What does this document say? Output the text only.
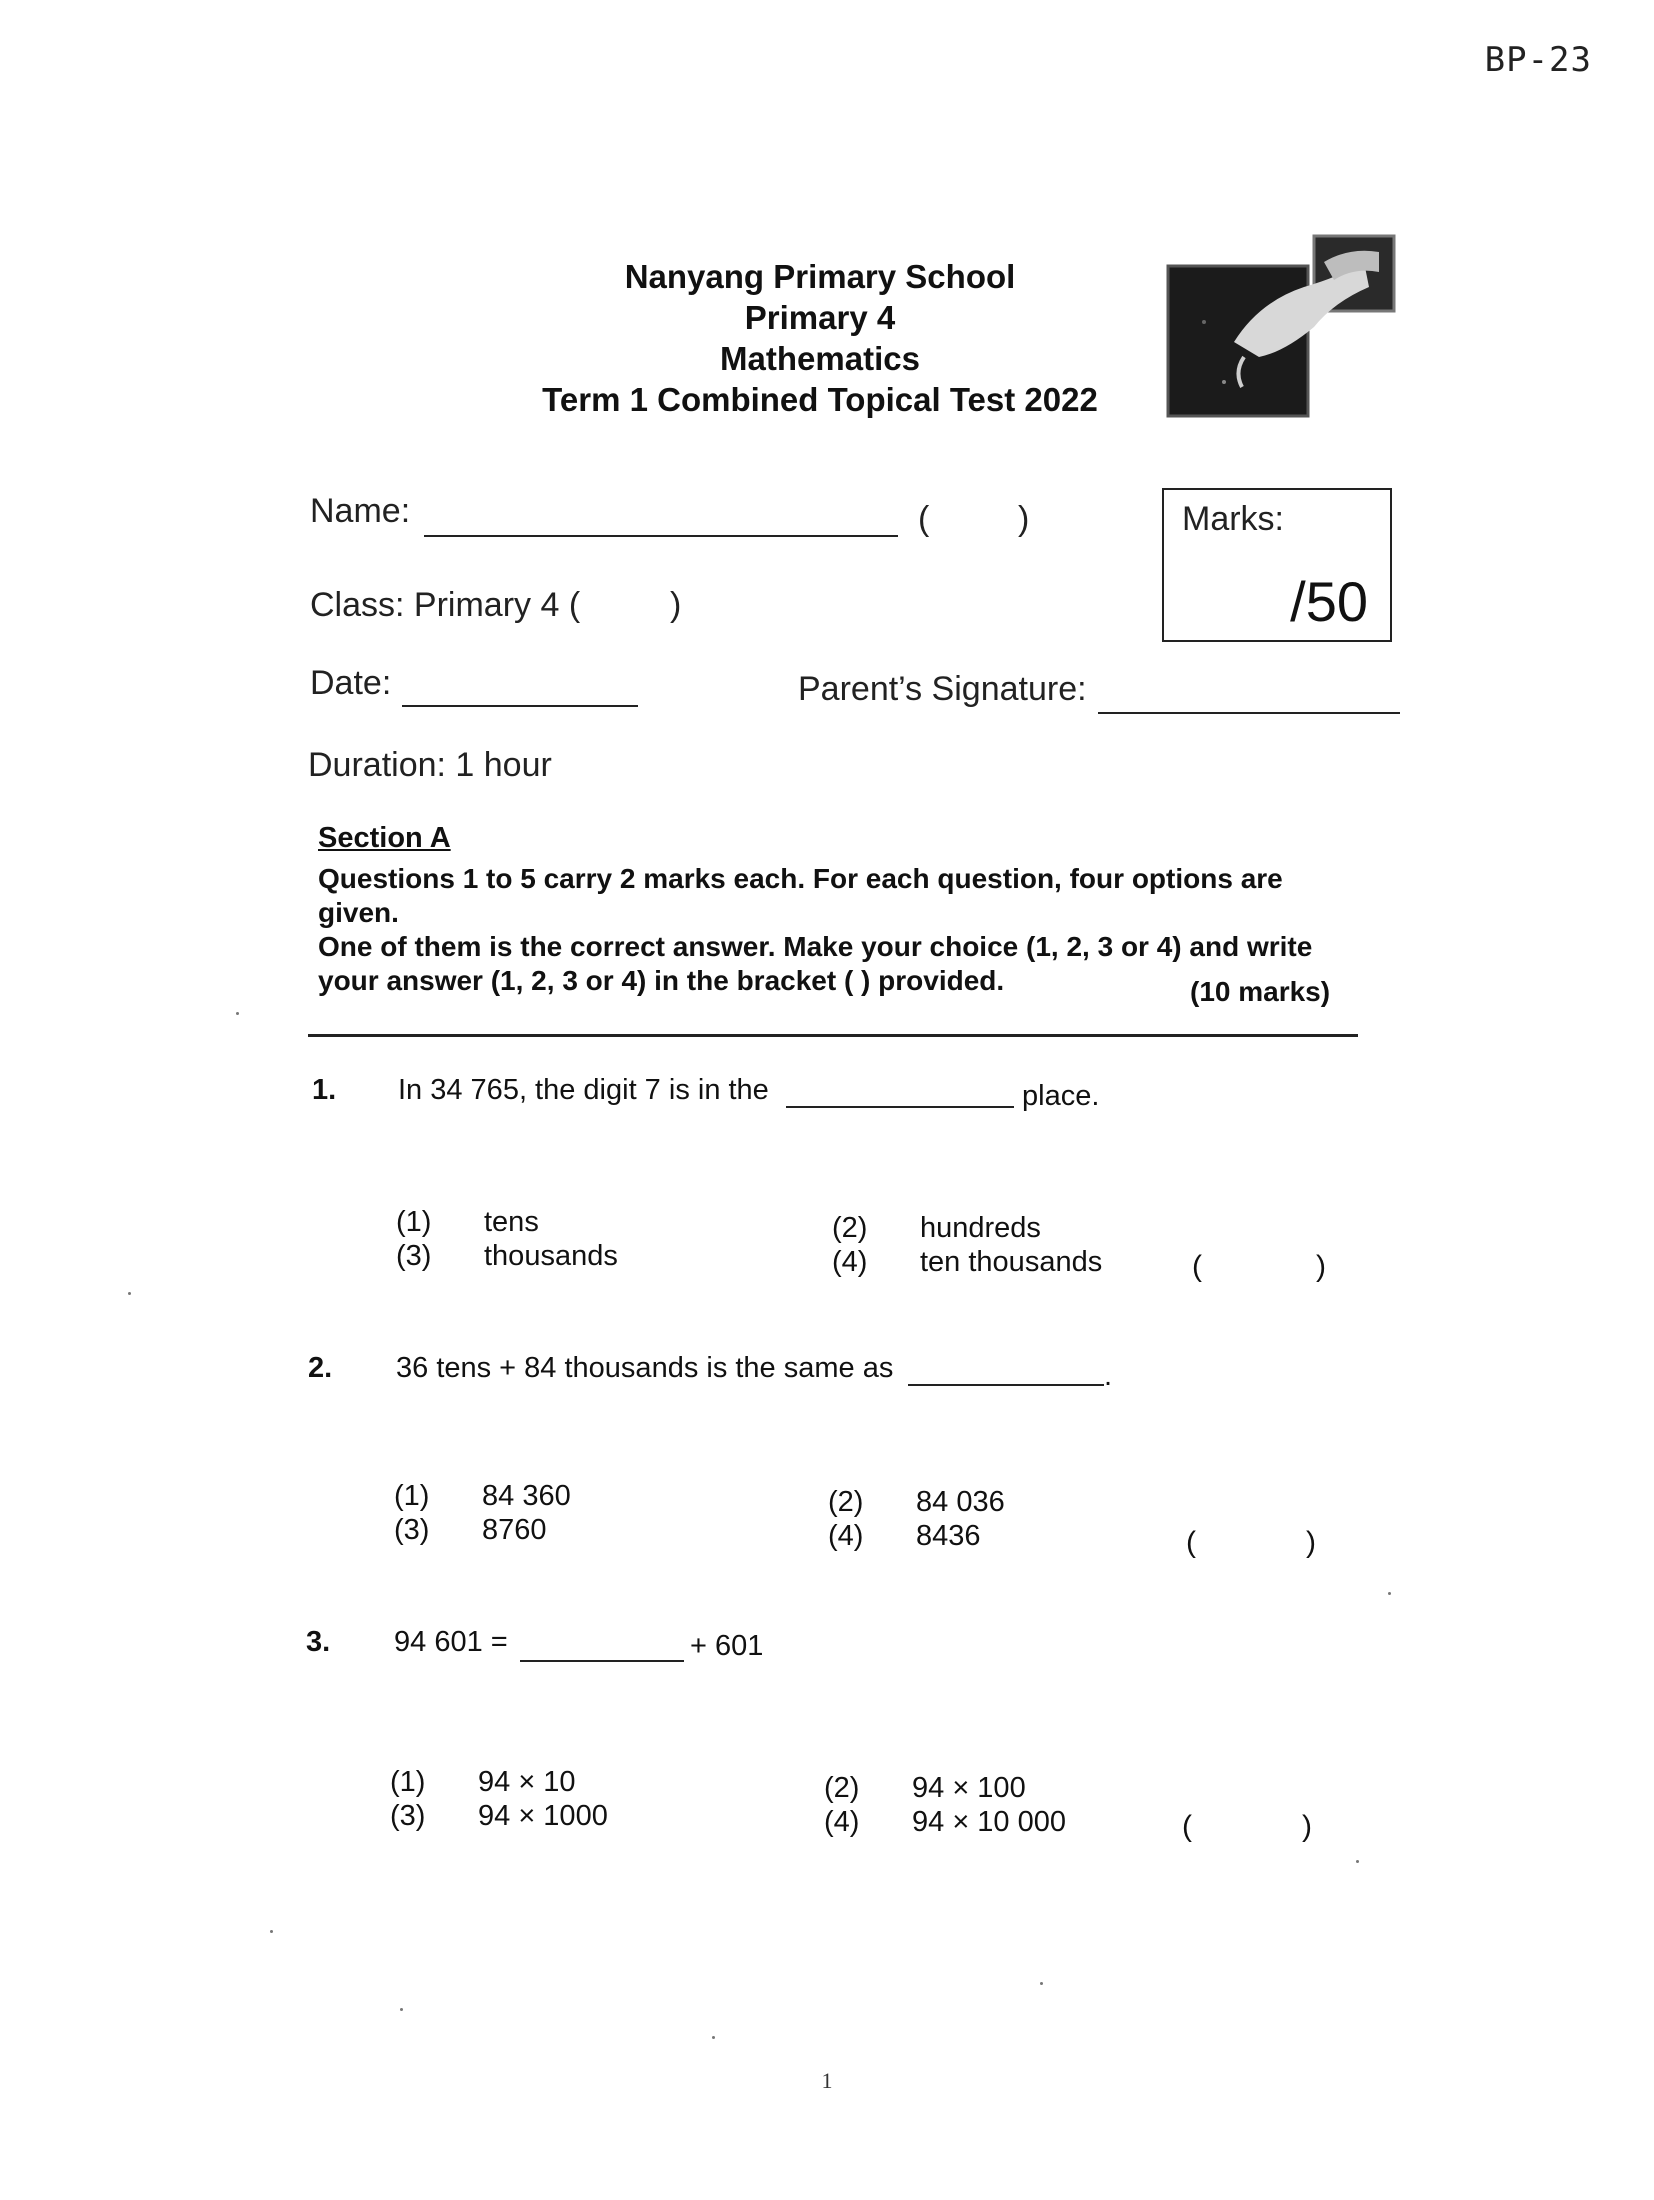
BP-23
Nanyang Primary School
Primary 4
Mathematics
Term 1 Combined Topical Test 2022
Name:	(	)
Class: Primary 4 (	)
Date:	Parent’s Signature:
Duration: 1 hour
Marks:
/50
Section A
Questions 1 to 5 carry 2 marks each. For each question, four options are given.
One of them is the correct answer. Make your choice (1, 2, 3 or 4) and write
your answer (1, 2, 3 or 4) in the bracket ( ) provided.	(10 marks)
1. In 34 765, the digit 7 is in the	place.
(1)	tens	(2)	hundreds
(3)	thousands	(4)	ten thousands	(	)
2. 36 tens + 84 thousands is the same as	.
(1)	84 360	(2)	84 036
(3)	8760	(4)	8436	(	)
3. 94 601 =	+ 601
(1)	94 × 10	(2)	94 × 100
(3)	94 × 1000	(4)	94 × 10 000	(	)
1
